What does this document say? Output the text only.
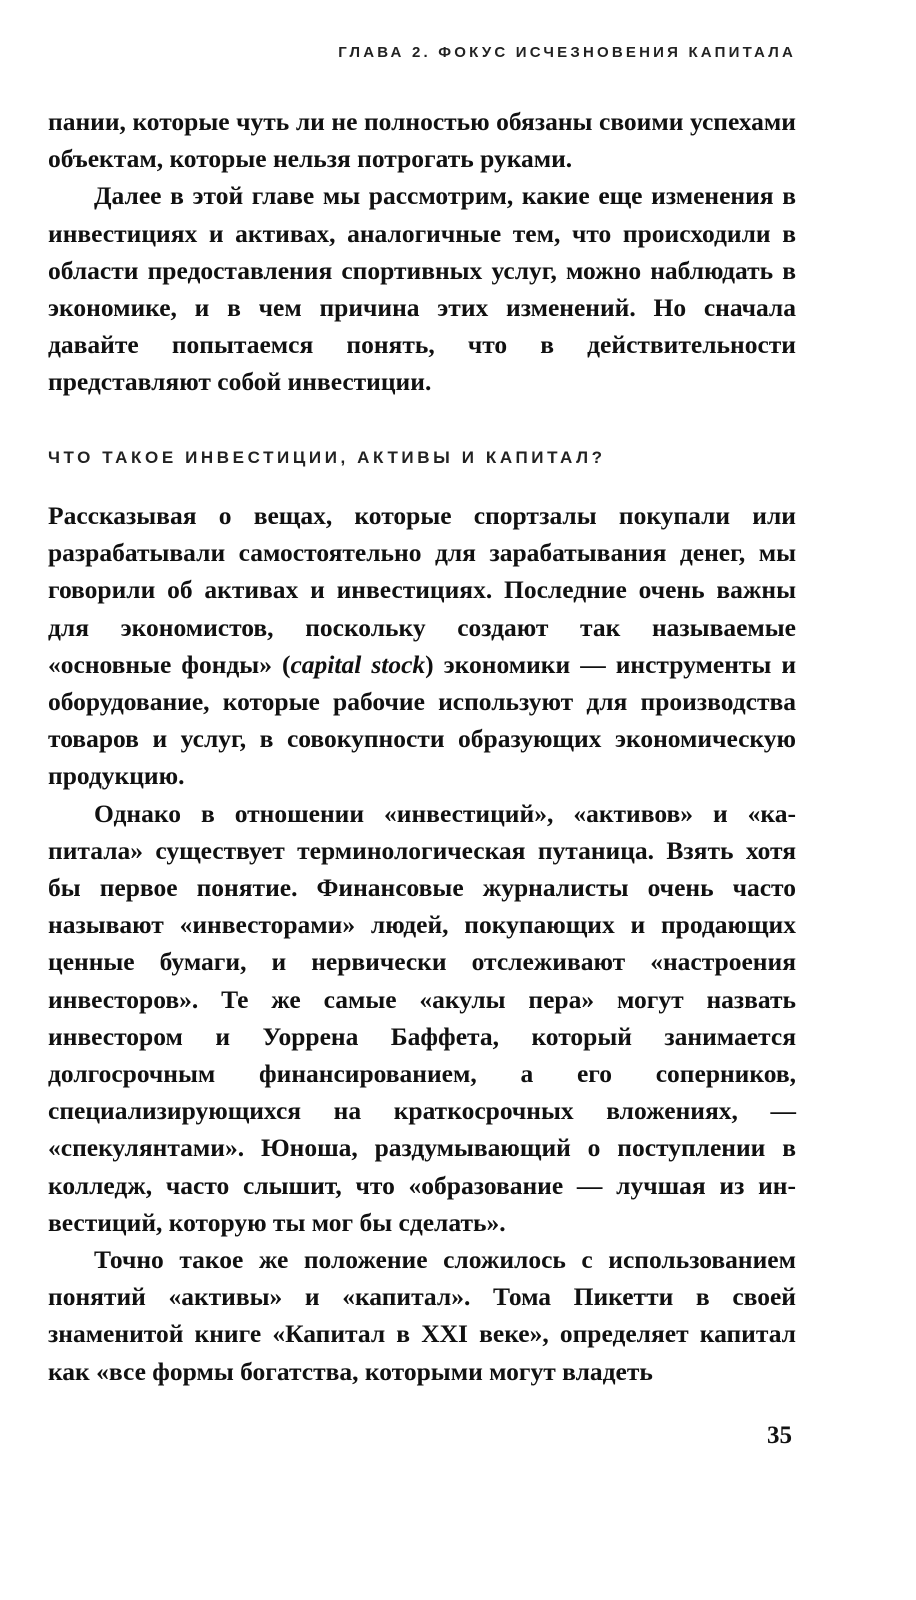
ГЛАВА 2. ФОКУС ИСЧЕЗНОВЕНИЯ КАПИТАЛА

пании, которые чуть ли не полностью обязаны своими успехами объектам, которые нельзя потрогать руками.

Далее в этой главе мы рассмотрим, какие еще изменения в инвестициях и активах, аналогичные тем, что происходили в области предоставления спортивных услуг, можно наблюдать в экономике, и в чем причина этих изменений. Но сначала давайте попытаемся понять, что в действительности представляют собой инвестиции.

ЧТО ТАКОЕ ИНВЕСТИЦИИ, АКТИВЫ И КАПИТАЛ?

Рассказывая о вещах, которые спортзалы покупали или разрабатывали самостоятельно для зарабатывания денег, мы говорили об активах и инвестициях. Последние очень важны для экономистов, поскольку создают так называемые «основные фонды» (capital stock) экономики — инструменты и оборудование, которые рабочие используют для производства товаров и услуг, в совокупности образующих экономическую продукцию.

Однако в отношении «инвестиций», «активов» и «капитала» существует терминологическая путаница. Взять хотя бы первое понятие. Финансовые журналисты очень часто называют «инвесторами» людей, покупающих и продающих ценные бумаги, и нервически отслеживают «настроения инвесторов». Те же самые «акулы пера» могут назвать инвестором и Уоррена Баффета, который занимается долгосрочным финансированием, а его соперников, специализирующихся на краткосрочных вложениях, — «спекулянтами». Юноша, раздумывающий о поступлении в колледж, часто слышит, что «образование — лучшая из инвестиций, которую ты мог бы сделать».

Точно такое же положение сложилось с использованием понятий «активы» и «капитал». Тома Пикетти в своей знаменитой книге «Капитал в XXI веке», определяет капитал как «все формы богатства, которыми могут владеть

35
